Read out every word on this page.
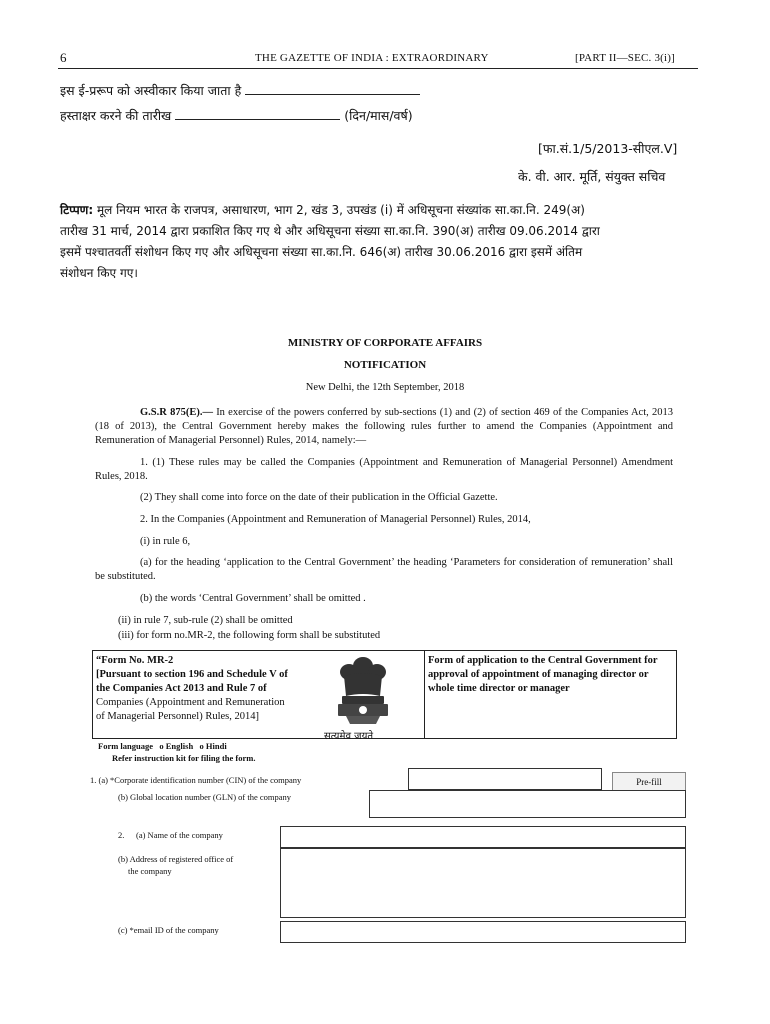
6	THE GAZETTE OF INDIA : EXTRAORDINARY	[PART II—SEC. 3(i)]
इस ई-प्ररूप को अस्वीकार किया जाता है
हस्ताक्षर करने की तारीख	(दिन/मास/वर्ष)
[फा.सं.1/5/2013-सीएल.V]
के. वी. आर. मूर्ति, संयुक्त सचिव
टिप्पण: मूल नियम भारत के राजपत्र, असाधारण, भाग 2, खंड 3, उपखंड (i) में अधिसूचना संख्यांक सा.का.नि. 249(अ)
तारीख 31 मार्च, 2014 द्वारा प्रकाशित किए गए थे और अधिसूचना संख्या सा.का.नि. 390(अ) तारीख 09.06.2014 द्वारा
इसमें पश्चातवर्ती संशोधन किए गए और अधिसूचना संख्या सा.का.नि. 646(अ) तारीख 30.06.2016 द्वारा इसमें अंतिम
संशोधन किए गए।
MINISTRY OF CORPORATE AFFAIRS
NOTIFICATION
New Delhi, the 12th September, 2018
G.S.R 875(E).— In exercise of the powers conferred by sub-sections (1) and (2) of section 469 of the Companies Act, 2013 (18 of 2013), the Central Government hereby makes the following rules further to amend the Companies (Appointment and Remuneration of Managerial Personnel) Rules, 2014, namely:—
1. (1) These rules may be called the Companies (Appointment and Remuneration of Managerial Personnel) Amendment Rules, 2018.
(2) They shall come into force on the date of their publication in the Official Gazette.
2. In the Companies (Appointment and Remuneration of Managerial Personnel) Rules, 2014,
(i) in rule 6,
(a) for the heading ‘application to the Central Government’ the heading ‘Parameters for consideration of remuneration’ shall be substituted.
(b) the words ‘Central Government’ shall be omitted .
(ii) in rule 7, sub-rule (2) shall be omitted
(iii) for form no.MR-2, the following form shall be substituted
“Form No. MR-2
[Pursuant to section 196 and Schedule V of
the Companies Act 2013 and Rule 7 of
Companies (Appointment and Remuneration
of Managerial Personnel) Rules, 2014]
सत्यमेव जयते
Form of application to the Central Government for approval of appointment of managing director or whole time director or manager
Form language o English o Hindi
Refer instruction kit for filing the form.
1. (a) *Corporate identification number (CIN) of the company	Pre-fill
(b) Global location number (GLN) of the company
2. (a) Name of the company
(b) Address of registered office of
the company
(c) *email ID of the company
